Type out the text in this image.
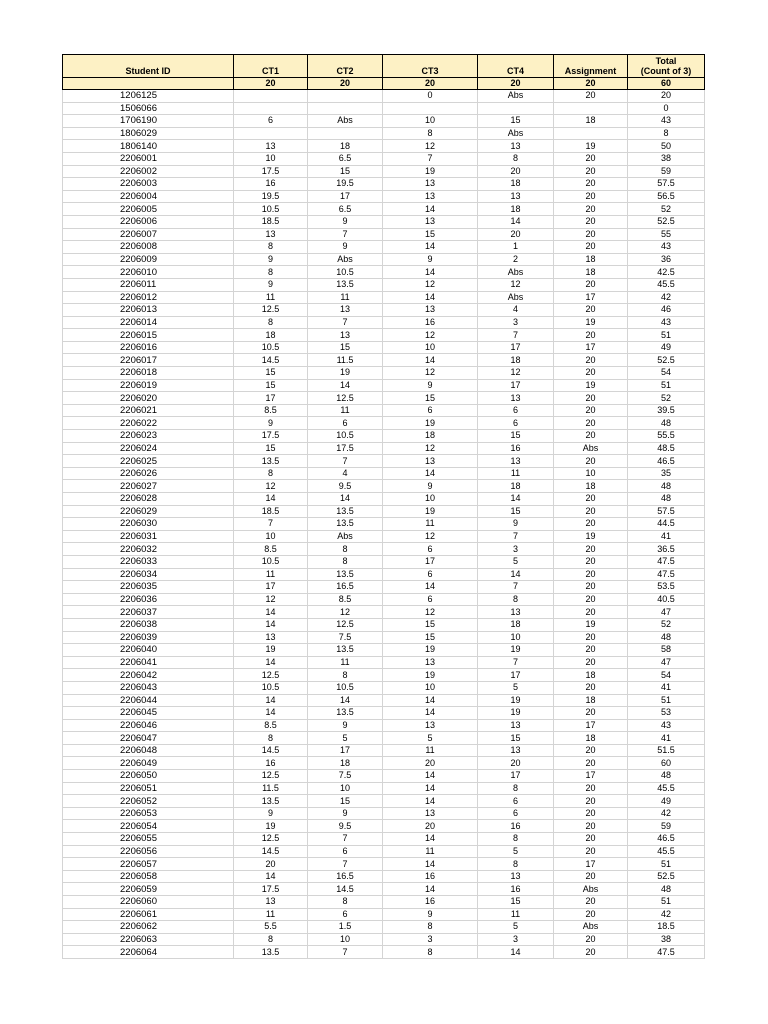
Student ID	CT1	CT2	CT3	CT4	Assignment	Total
(Count of 3)
	20	20	20	20	20	60
1206125			0	Abs	20	20
1506066						0
1706190	6	Abs	10	15	18	43
1806029			8	Abs		8
1806140	13	18	12	13	19	50
2206001	10	6.5	7	8	20	38
2206002	17.5	15	19	20	20	59
2206003	16	19.5	13	18	20	57.5
2206004	19.5	17	13	13	20	56.5
2206005	10.5	6.5	14	18	20	52
2206006	18.5	9	13	14	20	52.5
2206007	13	7	15	20	20	55
2206008	8	9	14	1	20	43
2206009	9	Abs	9	2	18	36
2206010	8	10.5	14	Abs	18	42.5
2206011	9	13.5	12	12	20	45.5
2206012	11	11	14	Abs	17	42
2206013	12.5	13	13	4	20	46
2206014	8	7	16	3	19	43
2206015	18	13	12	7	20	51
2206016	10.5	15	10	17	17	49
2206017	14.5	11.5	14	18	20	52.5
2206018	15	19	12	12	20	54
2206019	15	14	9	17	19	51
2206020	17	12.5	15	13	20	52
2206021	8.5	11	6	6	20	39.5
2206022	9	6	19	6	20	48
2206023	17.5	10.5	18	15	20	55.5
2206024	15	17.5	12	16	Abs	48.5
2206025	13.5	7	13	13	20	46.5
2206026	8	4	14	11	10	35
2206027	12	9.5	9	18	18	48
2206028	14	14	10	14	20	48
2206029	18.5	13.5	19	15	20	57.5
2206030	7	13.5	11	9	20	44.5
2206031	10	Abs	12	7	19	41
2206032	8.5	8	6	3	20	36.5
2206033	10.5	8	17	5	20	47.5
2206034	11	13.5	6	14	20	47.5
2206035	17	16.5	14	7	20	53.5
2206036	12	8.5	6	8	20	40.5
2206037	14	12	12	13	20	47
2206038	14	12.5	15	18	19	52
2206039	13	7.5	15	10	20	48
2206040	19	13.5	19	19	20	58
2206041	14	11	13	7	20	47
2206042	12.5	8	19	17	18	54
2206043	10.5	10.5	10	5	20	41
2206044	14	14	14	19	18	51
2206045	14	13.5	14	19	20	53
2206046	8.5	9	13	13	17	43
2206047	8	5	5	15	18	41
2206048	14.5	17	11	13	20	51.5
2206049	16	18	20	20	20	60
2206050	12.5	7.5	14	17	17	48
2206051	11.5	10	14	8	20	45.5
2206052	13.5	15	14	6	20	49
2206053	9	9	13	6	20	42
2206054	19	9.5	20	16	20	59
2206055	12.5	7	14	8	20	46.5
2206056	14.5	6	11	5	20	45.5
2206057	20	7	14	8	17	51
2206058	14	16.5	16	13	20	52.5
2206059	17.5	14.5	14	16	Abs	48
2206060	13	8	16	15	20	51
2206061	11	6	9	11	20	42
2206062	5.5	1.5	8	5	Abs	18.5
2206063	8	10	3	3	20	38
2206064	13.5	7	8	14	20	47.5
